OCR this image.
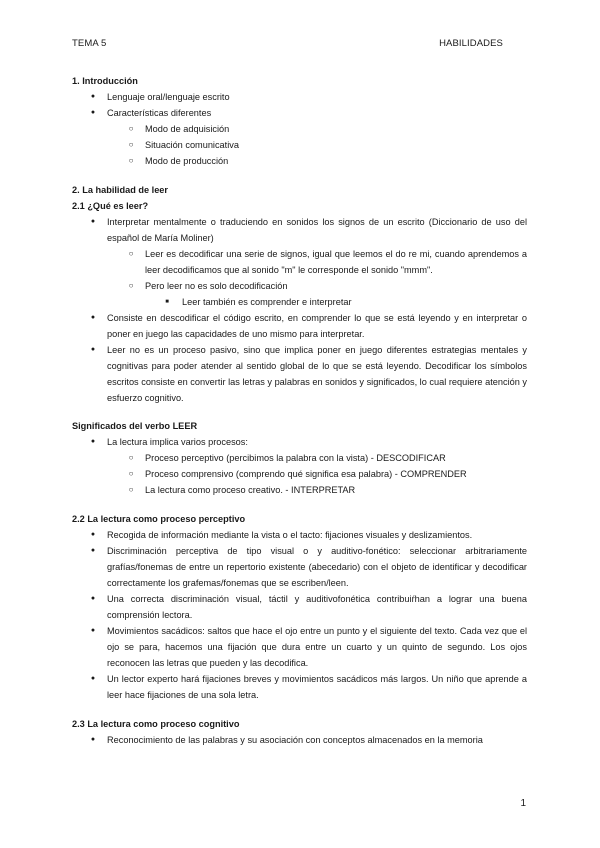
TEMA 5	HABILIDADES

1. Introducción

●	Lenguaje oral/lenguaje escrito
●	Características diferentes
○	Modo de adquisición
○	Situación comunicativa
○	Modo de producción

2. La habilidad de leer

2.1 ¿Qué es leer?

●	Interpretar mentalmente o traduciendo en sonidos los signos de un escrito (Diccionario de uso del español de María Moliner)
○	Leer es decodificar una serie de signos, igual que leemos el do re mi, cuando aprendemos a leer decodificamos que al sonido "m" le corresponde el sonido "mmm".
○	Pero leer no es solo decodificación
■	Leer también es comprender e interpretar
●	Consiste en descodificar el código escrito, en comprender lo que se está leyendo y en interpretar o poner en juego las capacidades de uno mismo para interpretar.
●	Leer no es un proceso pasivo, sino que implica poner en juego diferentes estrategias mentales y cognitivas para poder atender al sentido global de lo que se está leyendo. Decodificar los símbolos escritos consiste en convertir las letras y palabras en sonidos y significados, lo cual requiere atención y esfuerzo cognitivo.

Significados del verbo LEER

●	La lectura implica varios procesos:
○	Proceso perceptivo (percibimos la palabra con la vista) - DESCODIFICAR
○	Proceso comprensivo (comprendo qué significa esa palabra) - COMPRENDER
○	La lectura como proceso creativo. - INTERPRETAR

2.2 La lectura como proceso perceptivo

●	Recogida de información mediante la vista o el tacto: fijaciones visuales y deslizamientos.
●	Discriminación perceptiva de tipo visual o y auditivo-fonético: seleccionar arbitrariamente grafías/fonemas de entre un repertorio existente (abecedario) con el objeto de identificar y decodificar correctamente los grafemas/fonemas que se escriben/leen.
●	Una correcta discriminación visual, táctil y auditivofonética contribuiŕhan a lograr una buena comprensión lectora.
●	Movimientos sacádicos: saltos que hace el ojo entre un punto y el siguiente del texto. Cada vez que el ojo se para, hacemos una fijación que dura entre un cuarto y un quinto de segundo. Los ojos reconocen las letras que pueden y las decodifica.
●	Un lector experto hará fijaciones breves y movimientos sacádicos más largos. Un niño que aprende a leer hace fijaciones de una sola letra.

2.3 La lectura como proceso cognitivo

●	Reconocimiento de las palabras y su asociación con conceptos almacenados en la memoria
1
